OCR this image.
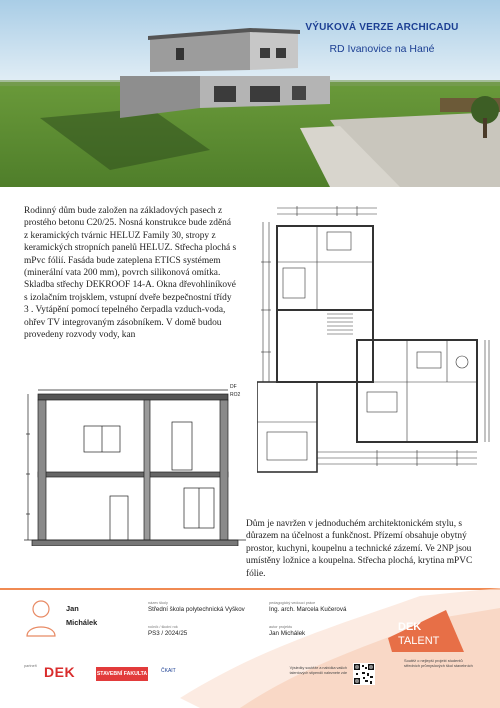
VÝUKOVÁ VERZE ARCHICADU
RD Ivanovice na Hané
Rodinný dům bude založen na základových pasech z prostého betonu C20/25. Nosná konstrukce bude zděná z keramických tvárnic HELUZ Family 30, stropy z keramických stropních panelů HELUZ. Střecha plochá s mPvc fólií. Fasáda bude zateplena ETICS systémem (minerální vata 200 mm), povrch silikonová omítka. Skladba střechy DEKROOF 14-A. Okna dřevohliníkové s izolačním trojsklem, vstupní dveře bezpečnostní třídy 3 . Vytápění pomocí tepelného čerpadla vzduch-voda, ohřev TV integrovaným zásobníkem. V domě budou provedeny rozvody vody, kan
DF
RO2
Dům je navržen v jednoduchém architektonickém stylu, s důrazem na účelnost a funkčnost. Přízemí obsahuje obytný prostor, kuchyni, koupelnu a technické zázemí. Ve 2NP jsou umístěny ložnice a koupelna. Střecha plochá, krytina mPVC fólie.
Jan
Michálek
název školy
Střední škola polytechnická Vyškov
pedagogický vedoucí práce
Ing. arch. Marcela Kučerová
ročník / školní rok
PS3 / 2024/25
autor projektu
Jan Michálek
partneři DEK	STAVEBNÍ FAKULTA	ČKAIT	Výsledky soutěže a nabídka vašich talentových stipendií naleznete zde
DEK
TALENT
Soutěž o nejlepší projekt studentů středních průmyslových škol stavebních
